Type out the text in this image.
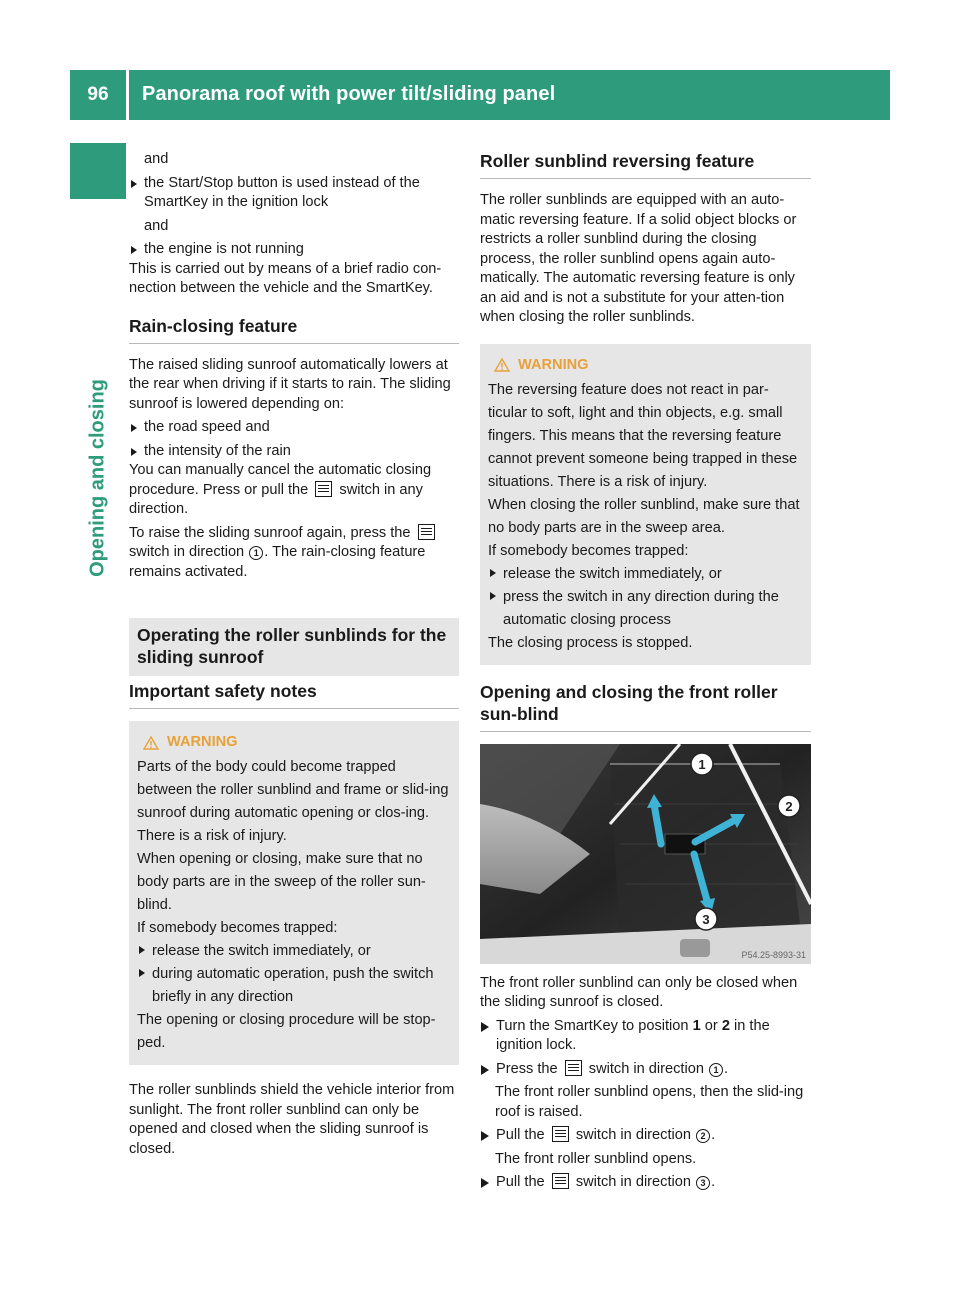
96	Panorama roof with power tilt/sliding panel
Opening and closing

and

the Start/Stop button is used instead of the SmartKey in the ignition lock

and

the engine is not running

This is carried out by means of a brief radio con-nection between the vehicle and the SmartKey.

Rain-closing feature

The raised sliding sunroof automatically lowers at the rear when driving if it starts to rain. The sliding sunroof is lowered depending on:

the road speed and

the intensity of the rain

You can manually cancel the automatic closing procedure. Press or pull the switch in any direction.

To raise the sliding sunroof again, press the  switch in direction 1 . The rain-closing feature remains activated.

Operating the roller sunblinds for the sliding sunroof
Important safety notes
WARNING

Parts of the body could become trapped between the roller sunblind and frame or slid-ing sunroof during automatic opening or clos-ing. There is a risk of injury.

When opening or closing, make sure that no body parts are in the sweep of the roller sun-blind.

If somebody becomes trapped:

release the switch immediately, or

during automatic operation, push the switch briefly in any direction

The opening or closing procedure will be stop-ped.

The roller sunblinds shield the vehicle interior from sunlight. The front roller sunblind can only be opened and closed when the sliding sunroof is closed.

Roller sunblind reversing feature

The roller sunblinds are equipped with an auto-matic reversing feature. If a solid object blocks or restricts a roller sunblind during the closing process, the roller sunblind opens again auto-matically. The automatic reversing feature is only an aid and is not a substitute for your atten-tion when closing the roller sunblinds.

WARNING

The reversing feature does not react in par-ticular to soft, light and thin objects, e.g. small fingers. This means that the reversing feature cannot prevent someone being trapped in these situations. There is a risk of injury.

When closing the roller sunblind, make sure that no body parts are in the sweep area.

If somebody becomes trapped:

release the switch immediately, or

press the switch in any direction during the automatic closing process

The closing process is stopped.

Opening and closing the front roller sun-blind
1
2
3
P54.25-8993-31

The front roller sunblind can only be closed when the sliding sunroof is closed.

Turn the SmartKey to position 1 or 2 in the ignition lock.

Press the switch in direction 1 .

The front roller sunblind opens, then the slid-ing roof is raised.

Pull the switch in direction 2 .

The front roller sunblind opens.

Pull the switch in direction 3 .
